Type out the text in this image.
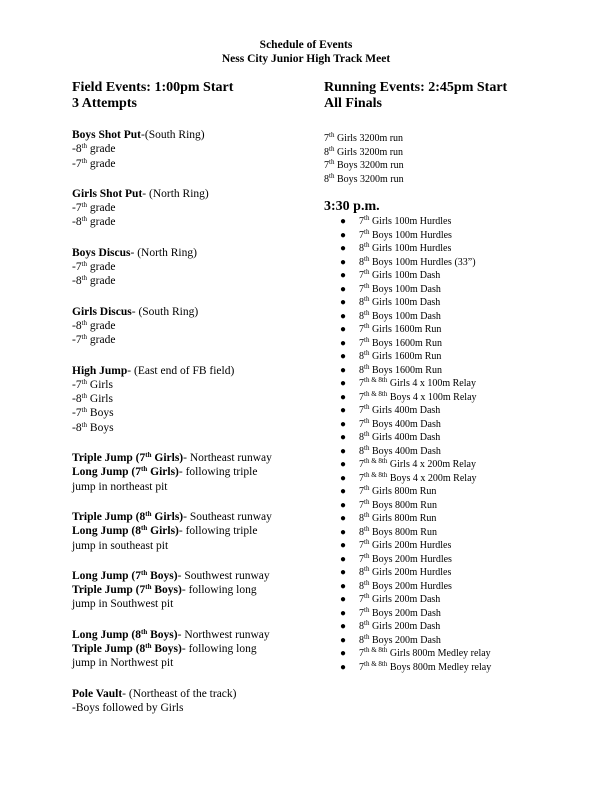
Schedule of Events
Ness City Junior High Track Meet
Field Events: 1:00pm Start
3 Attempts
Boys Shot Put-(South Ring)
-8th grade
-7th grade
Girls Shot Put- (North Ring)
-7th grade
-8th grade
Boys Discus- (North Ring)
-7th grade
-8th grade
Girls Discus- (South Ring)
-8th grade
-7th grade
High Jump- (East end of FB field)
-7th Girls
-8th Girls
-7th Boys
-8th Boys
Triple Jump (7th Girls)- Northeast runway
Long Jump (7th Girls)- following triple
jump in northeast pit
Triple Jump (8th Girls)- Southeast runway
Long Jump (8th Girls)- following triple
jump in southeast pit
Long Jump (7th Boys)- Southwest runway
Triple Jump (7th Boys)- following long
jump in Southwest pit
Long Jump (8th Boys)- Northwest runway
Triple Jump (8th Boys)- following long
jump in Northwest pit
Pole Vault- (Northeast of the track)
-Boys followed by Girls
Running Events: 2:45pm Start
All Finals
7th Girls 3200m run
8th Girls 3200m run
7th Boys 3200m run
8th Boys 3200m run
3:30 p.m.
● 7th Girls 100m Hurdles
● 7th Boys 100m Hurdles
● 8th Girls 100m Hurdles
● 8th Boys 100m Hurdles (33”)
● 7th Girls 100m Dash
● 7th Boys 100m Dash
● 8th Girls 100m Dash
● 8th Boys 100m Dash
● 7th Girls 1600m Run
● 7th Boys 1600m Run
● 8th Girls 1600m Run
● 8th Boys 1600m Run
● $7^{th \& 8th}$ Girls 4 x 100m Relay
● $7^{th \& 8th}$ Boys 4 x 100m Relay
● 7th Girls 400m Dash
● 7th Boys 400m Dash
● 8th Girls 400m Dash
● 8th Boys 400m Dash
● $7^{th \& 8th}$ Girls 4 x 200m Relay
● $7^{th \& 8th}$ Boys 4 x 200m Relay
● 7th Girls 800m Run
● 7th Boys 800m Run
● 8th Girls 800m Run
● 8th Boys 800m Run
● 7th Girls 200m Hurdles
● 7th Boys 200m Hurdles
● 8th Girls 200m Hurdles
● 8th Boys 200m Hurdles
● 7th Girls 200m Dash
● 7th Boys 200m Dash
● 8th Girls 200m Dash
● 8th Boys 200m Dash
● $7^{th \& 8th}$ Girls 800m Medley relay
● $7^{th \& 8th}$ Boys 800m Medley relay
